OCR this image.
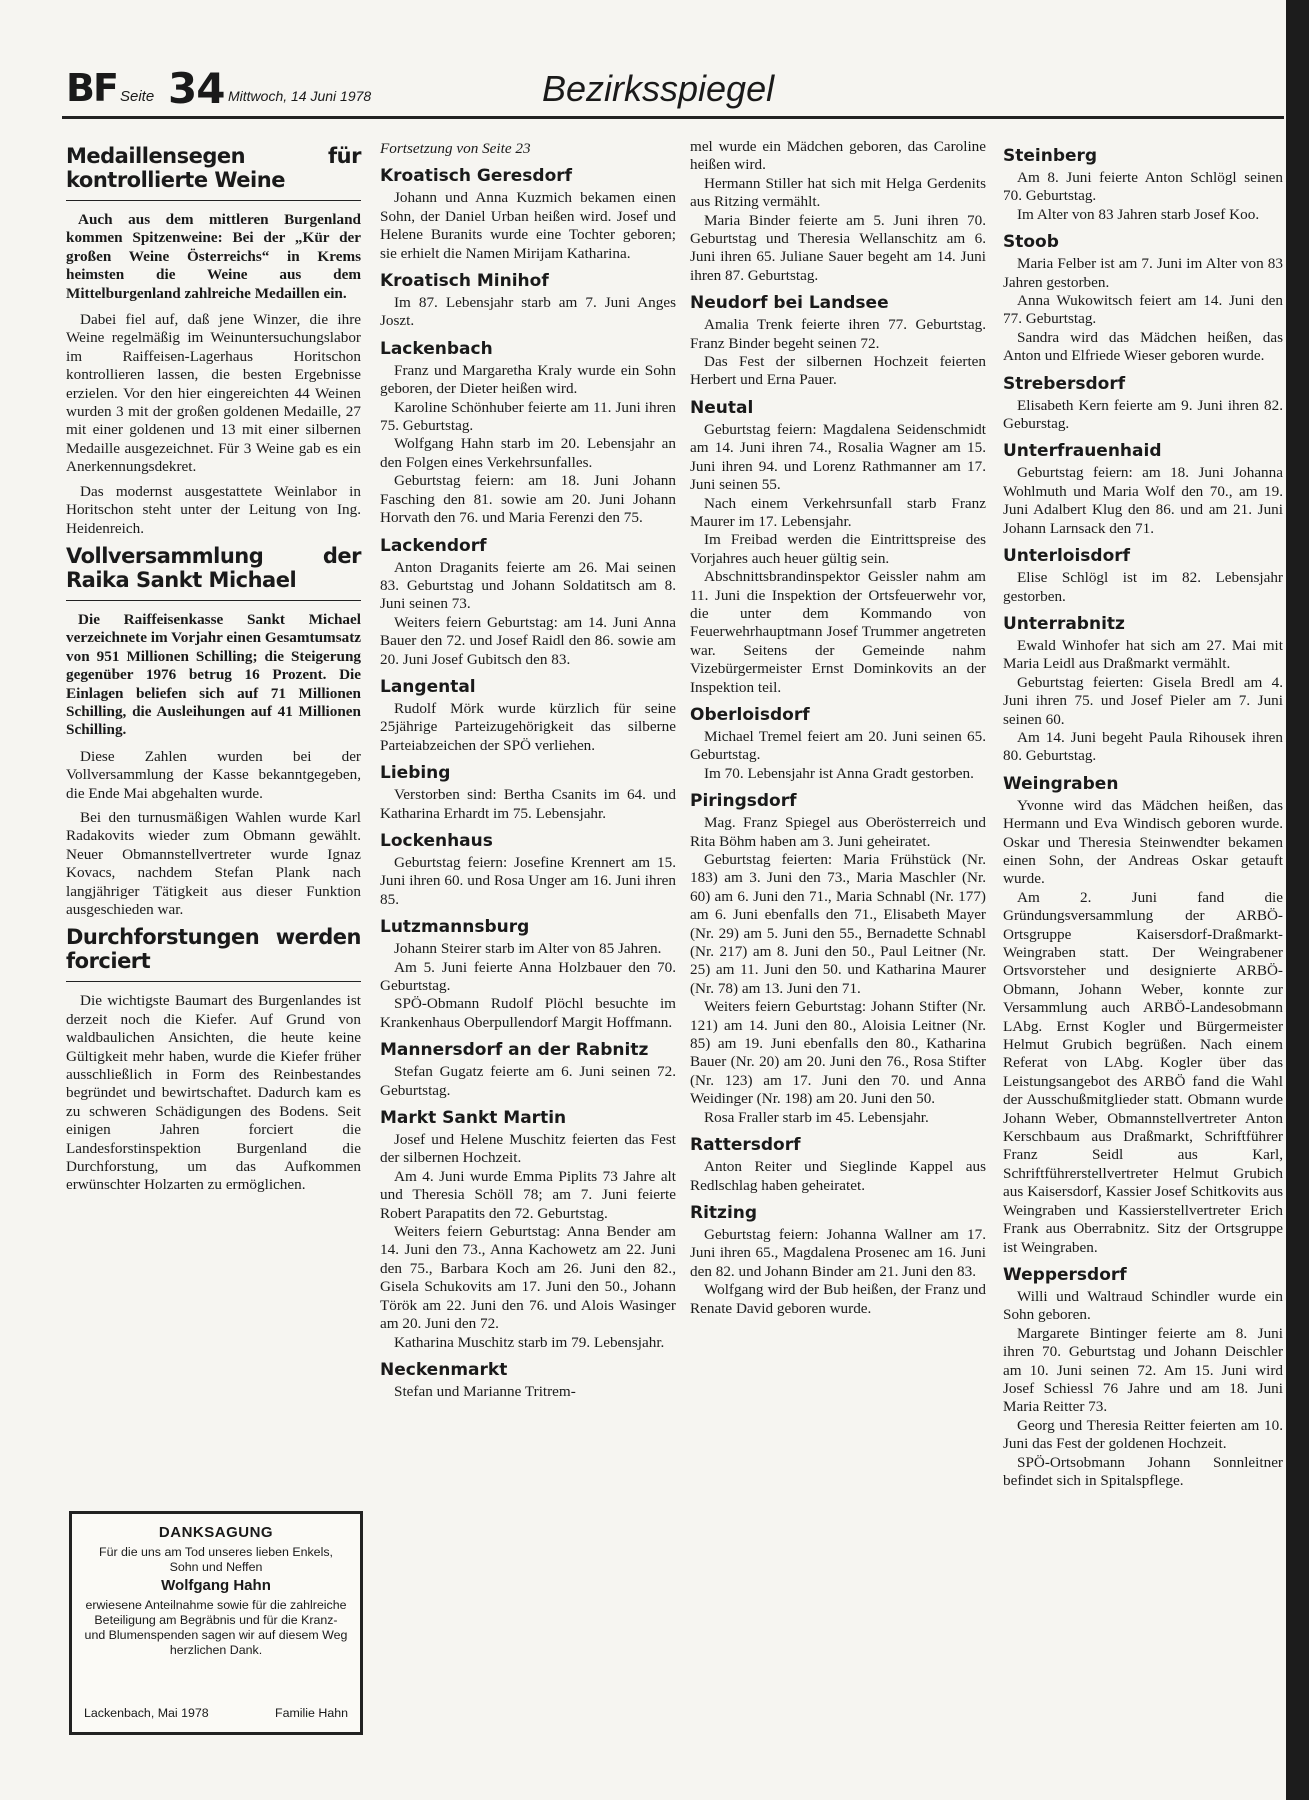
BF Seite 34 Mittwoch, 14 Juni 1978	Bezirksspiegel
Medaillensegen für kontrollierte Weine

Auch aus dem mittleren Burgenland kommen Spitzenweine: Bei der „Kür der großen Weine Österreichs“ in Krems heimsten die Weine aus dem Mittelburgenland zahlreiche Medaillen ein.

Dabei fiel auf, daß jene Winzer, die ihre Weine regelmäßig im Weinuntersuchungslabor im Raiffeisen-Lagerhaus Horitschon kontrollieren lassen, die besten Ergebnisse erzielen. Vor den hier eingereichten 44 Weinen wurden 3 mit der großen goldenen Medaille, 27 mit einer goldenen und 13 mit einer silbernen Medaille ausgezeichnet. Für 3 Weine gab es ein Anerkennungsdekret.

Das modernst ausgestattete Weinlabor in Horitschon steht unter der Leitung von Ing. Heidenreich.

Vollversammlung der Raika Sankt Michael

Die Raiffeisenkasse Sankt Michael verzeichnete im Vorjahr einen Gesamtumsatz von 951 Millionen Schilling; die Steigerung gegenüber 1976 betrug 16 Prozent. Die Einlagen beliefen sich auf 71 Millionen Schilling, die Ausleihungen auf 41 Millionen Schilling.

Diese Zahlen wurden bei der Vollversammlung der Kasse bekanntgegeben, die Ende Mai abgehalten wurde.

Bei den turnusmäßigen Wahlen wurde Karl Radakovits wieder zum Obmann gewählt. Neuer Obmannstellvertreter wurde Ignaz Kovacs, nachdem Stefan Plank nach langjähriger Tätigkeit aus dieser Funktion ausgeschieden war.

Durchforstungen werden forciert

Die wichtigste Baumart des Burgenlandes ist derzeit noch die Kiefer. Auf Grund von waldbaulichen Ansichten, die heute keine Gültigkeit mehr haben, wurde die Kiefer früher ausschließlich in Form des Reinbestandes begründet und bewirtschaftet. Dadurch kam es zu schweren Schädigungen des Bodens. Seit einigen Jahren forciert die Landesforstinspektion Burgenland die Durchforstung, um das Aufkommen erwünschter Holzarten zu ermöglichen.

DANKSAGUNG
Für die uns am Tod unseres lieben Enkels, Sohn und Neffen
Wolfgang Hahn
erwiesene Anteilnahme sowie für die zahlreiche Beteiligung am Begräbnis und für die Kranz- und Blumenspenden sagen wir auf diesem Weg herzlichen Dank.
Lackenbach, Mai 1978	Familie Hahn

Fortsetzung von Seite 23

Kroatisch Geresdorf

Johann und Anna Kuzmich bekamen einen Sohn, der Daniel Urban heißen wird. Josef und Helene Buranits wurde eine Tochter geboren; sie erhielt die Namen Mirijam Katharina.

Kroatisch Minihof

Im 87. Lebensjahr starb am 7. Juni Anges Joszt.

Lackenbach

Franz und Margaretha Kraly wurde ein Sohn geboren, der Dieter heißen wird.

Karoline Schönhuber feierte am 11. Juni ihren 75. Geburtstag.

Wolfgang Hahn starb im 20. Lebensjahr an den Folgen eines Verkehrsunfalles.

Geburtstag feiern: am 18. Juni Johann Fasching den 81. sowie am 20. Juni Johann Horvath den 76. und Maria Ferenzi den 75.

Lackendorf

Anton Draganits feierte am 26. Mai seinen 83. Geburtstag und Johann Soldatitsch am 8. Juni seinen 73.

Weiters feiern Geburtstag: am 14. Juni Anna Bauer den 72. und Josef Raidl den 86. sowie am 20. Juni Josef Gubitsch den 83.

Langental

Rudolf Mörk wurde kürzlich für seine 25jährige Parteizugehörigkeit das silberne Parteiabzeichen der SPÖ verliehen.

Liebing

Verstorben sind: Bertha Csanits im 64. und Katharina Erhardt im 75. Lebensjahr.

Lockenhaus

Geburtstag feiern: Josefine Krennert am 15. Juni ihren 60. und Rosa Unger am 16. Juni ihren 85.

Lutzmannsburg

Johann Steirer starb im Alter von 85 Jahren.

Am 5. Juni feierte Anna Holzbauer den 70. Geburtstag.

SPÖ-Obmann Rudolf Plöchl besuchte im Krankenhaus Oberpullendorf Margit Hoffmann.

Mannersdorf an der Rabnitz

Stefan Gugatz feierte am 6. Juni seinen 72. Geburtstag.

Markt Sankt Martin

Josef und Helene Muschitz feierten das Fest der silbernen Hochzeit.

Am 4. Juni wurde Emma Piplits 73 Jahre alt und Theresia Schöll 78; am 7. Juni feierte Robert Parapatits den 72. Geburtstag.

Weiters feiern Geburtstag: Anna Bender am 14. Juni den 73., Anna Kachowetz am 22. Juni den 75., Barbara Koch am 26. Juni den 82., Gisela Schukovits am 17. Juni den 50., Johann Török am 22. Juni den 76. und Alois Wasinger am 20. Juni den 72.

Katharina Muschitz starb im 79. Lebensjahr.

Neckenmarkt

Stefan und Marianne Tritrem-

mel wurde ein Mädchen geboren, das Caroline heißen wird.

Hermann Stiller hat sich mit Helga Gerdenits aus Ritzing vermählt.

Maria Binder feierte am 5. Juni ihren 70. Geburtstag und Theresia Wellanschitz am 6. Juni ihren 65. Juliane Sauer begeht am 14. Juni ihren 87. Geburtstag.

Neudorf bei Landsee

Amalia Trenk feierte ihren 77. Geburtstag. Franz Binder begeht seinen 72.

Das Fest der silbernen Hochzeit feierten Herbert und Erna Pauer.

Neutal

Geburtstag feiern: Magdalena Seidenschmidt am 14. Juni ihren 74., Rosalia Wagner am 15. Juni ihren 94. und Lorenz Rathmanner am 17. Juni seinen 55.

Nach einem Verkehrsunfall starb Franz Maurer im 17. Lebensjahr.

Im Freibad werden die Eintrittspreise des Vorjahres auch heuer gültig sein.

Abschnittsbrandinspektor Geissler nahm am 11. Juni die Inspektion der Ortsfeuerwehr vor, die unter dem Kommando von Feuerwehrhauptmann Josef Trummer angetreten war. Seitens der Gemeinde nahm Vizebürgermeister Ernst Dominkovits an der Inspektion teil.

Oberloisdorf

Michael Tremel feiert am 20. Juni seinen 65. Geburtstag.

Im 70. Lebensjahr ist Anna Gradt gestorben.

Piringsdorf

Mag. Franz Spiegel aus Oberösterreich und Rita Böhm haben am 3. Juni geheiratet.

Geburtstag feierten: Maria Frühstück (Nr. 183) am 3. Juni den 73., Maria Maschler (Nr. 60) am 6. Juni den 71., Maria Schnabl (Nr. 177) am 6. Juni ebenfalls den 71., Elisabeth Mayer (Nr. 29) am 5. Juni den 55., Bernadette Schnabl (Nr. 217) am 8. Juni den 50., Paul Leitner (Nr. 25) am 11. Juni den 50. und Katharina Maurer (Nr. 78) am 13. Juni den 71.

Weiters feiern Geburtstag: Johann Stifter (Nr. 121) am 14. Juni den 80., Aloisia Leitner (Nr. 85) am 19. Juni ebenfalls den 80., Katharina Bauer (Nr. 20) am 20. Juni den 76., Rosa Stifter (Nr. 123) am 17. Juni den 70. und Anna Weidinger (Nr. 198) am 20. Juni den 50.

Rosa Fraller starb im 45. Lebensjahr.

Rattersdorf

Anton Reiter und Sieglinde Kappel aus Redlschlag haben geheiratet.

Ritzing

Geburtstag feiern: Johanna Wallner am 17. Juni ihren 65., Magdalena Prosenec am 16. Juni den 82. und Johann Binder am 21. Juni den 83.

Wolfgang wird der Bub heißen, der Franz und Renate David geboren wurde.

Steinberg

Am 8. Juni feierte Anton Schlögl seinen 70. Geburtstag.

Im Alter von 83 Jahren starb Josef Koo.

Stoob

Maria Felber ist am 7. Juni im Alter von 83 Jahren gestorben.

Anna Wukowitsch feiert am 14. Juni den 77. Geburtstag.

Sandra wird das Mädchen heißen, das Anton und Elfriede Wieser geboren wurde.

Strebersdorf

Elisabeth Kern feierte am 9. Juni ihren 82. Geburstag.

Unterfrauenhaid

Geburtstag feiern: am 18. Juni Johanna Wohlmuth und Maria Wolf den 70., am 19. Juni Adalbert Klug den 86. und am 21. Juni Johann Larnsack den 71.

Unterloisdorf

Elise Schlögl ist im 82. Lebensjahr gestorben.

Unterrabnitz

Ewald Winhofer hat sich am 27. Mai mit Maria Leidl aus Draßmarkt vermählt.

Geburtstag feierten: Gisela Bredl am 4. Juni ihren 75. und Josef Pieler am 7. Juni seinen 60.

Am 14. Juni begeht Paula Rihousek ihren 80. Geburtstag.

Weingraben

Yvonne wird das Mädchen heißen, das Hermann und Eva Windisch geboren wurde. Oskar und Theresia Steinwendter bekamen einen Sohn, der Andreas Oskar getauft wurde.

Am 2. Juni fand die Gründungsversammlung der ARBÖ-Ortsgruppe Kaisersdorf-Draßmarkt-Weingraben statt. Der Weingrabener Ortsvorsteher und designierte ARBÖ-Obmann, Johann Weber, konnte zur Versammlung auch ARBÖ-Landesobmann LAbg. Ernst Kogler und Bürgermeister Helmut Grubich begrüßen. Nach einem Referat von LAbg. Kogler über das Leistungsangebot des ARBÖ fand die Wahl der Ausschußmitglieder statt. Obmann wurde Johann Weber, Obmannstellvertreter Anton Kerschbaum aus Draßmarkt, Schriftführer Franz Seidl aus Karl, Schriftführerstellvertreter Helmut Grubich aus Kaisersdorf, Kassier Josef Schitkovits aus Weingraben und Kassierstellvertreter Erich Frank aus Oberrabnitz. Sitz der Ortsgruppe ist Weingraben.

Weppersdorf

Willi und Waltraud Schindler wurde ein Sohn geboren.

Margarete Bintinger feierte am 8. Juni ihren 70. Geburtstag und Johann Deischler am 10. Juni seinen 72. Am 15. Juni wird Josef Schiessl 76 Jahre und am 18. Juni Maria Reitter 73.

Georg und Theresia Reitter feierten am 10. Juni das Fest der goldenen Hochzeit.

SPÖ-Ortsobmann Johann Sonnleitner befindet sich in Spitalspflege.
